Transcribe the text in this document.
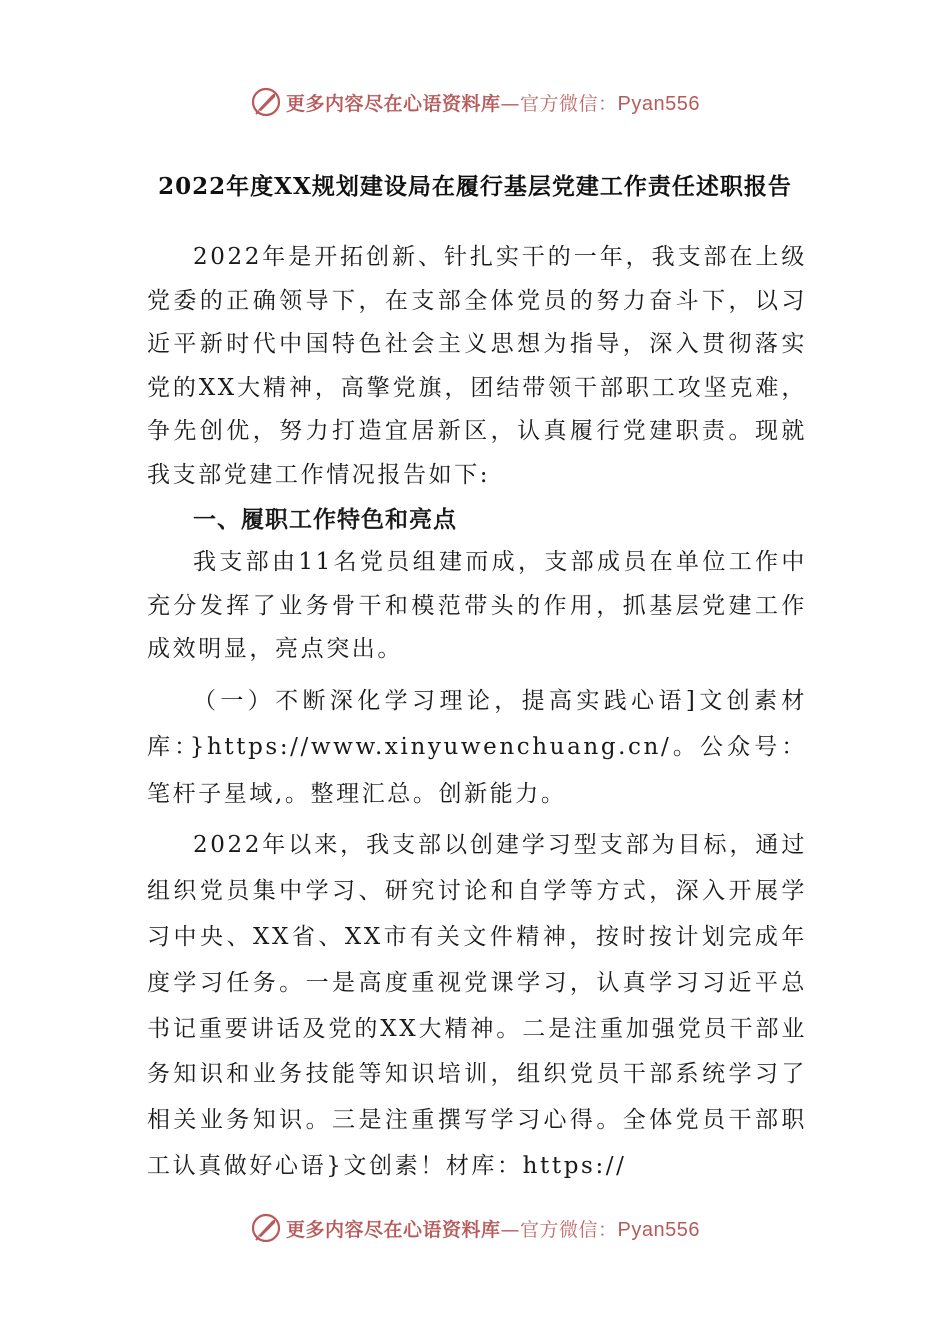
更多内容尽在心语资料库—官方微信：Pyan556
2022年度XX规划建设局在履行基层党建工作责任述职报告

2022年是开拓创新、针扎实干的一年，我支部在上级党委的正确领导下，在支部全体党员的努力奋斗下，以习近平新时代中国特色社会主义思想为指导，深入贯彻落实党的XX大精神，高擎党旗，团结带领干部职工攻坚克难，争先创优，努力打造宜居新区，认真履行党建职责。现就我支部党建工作情况报告如下:

一、履职工作特色和亮点

我支部由11名党员组建而成，支部成员在单位工作中充分发挥了业务骨干和模范带头的作用，抓基层党建工作成效明显，亮点突出。

（一）不断深化学习理论，提高实践心语]文创素材库：}https://www.xinyuwenchuang.cn/。公众号：笔杆子星域,。整理汇总。创新能力。

2022年以来，我支部以创建学习型支部为目标，通过组织党员集中学习、研究讨论和自学等方式，深入开展学习中央、XX省、XX市有关文件精神，按时按计划完成年度学习任务。一是高度重视党课学习，认真学习习近平总书记重要讲话及党的XX大精神。二是注重加强党员干部业务知识和业务技能等知识培训，组织党员干部系统学习了相关业务知识。三是注重撰写学习心得。全体党员干部职工认真做好心语}文创素！材库：https://

更多内容尽在心语资料库—官方微信：Pyan556
